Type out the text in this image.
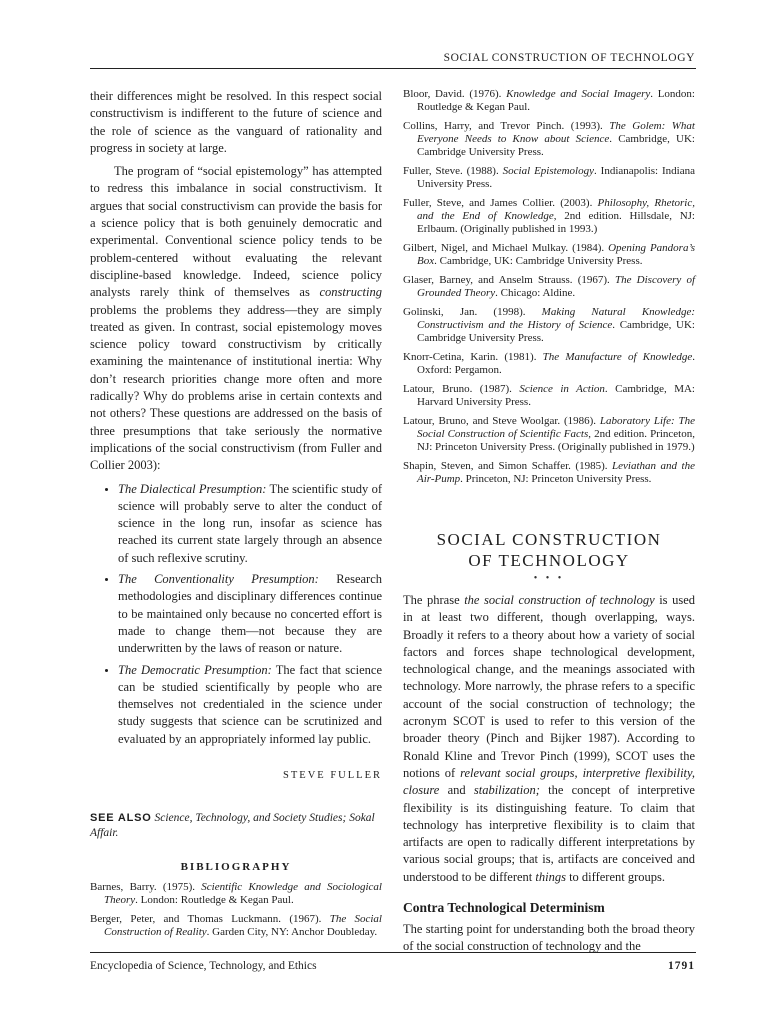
SOCIAL CONSTRUCTION OF TECHNOLOGY

their differences might be resolved. In this respect social constructivism is indifferent to the future of science and the role of science as the vanguard of rationality and progress in society at large.

The program of “social epistemology” has attempted to redress this imbalance in social constructivism. It argues that social constructivism can provide the basis for a science policy that is both genuinely democratic and experimental. Conventional science policy tends to be problem-centered without evaluating the relevant discipline-based knowledge. Indeed, science policy analysts rarely think of themselves as constructing problems the problems they address—they are simply treated as given. In contrast, social epistemology moves science policy toward constructivism by critically examining the maintenance of institutional inertia: Why don’t research priorities change more often and more radically? Why do problems arise in certain contexts and not others? These questions are addressed on the basis of three presumptions that take seriously the normative implications of the social constructivism (from Fuller and Collier 2003):

• The Dialectical Presumption: The scientific study of science will probably serve to alter the conduct of science in the long run, insofar as science has reached its current state largely through an absence of such reflexive scrutiny.
• The Conventionality Presumption: Research methodologies and disciplinary differences continue to be maintained only because no concerted effort is made to change them—not because they are underwritten by the laws of reason or nature.
• The Democratic Presumption: The fact that science can be studied scientifically by people who are themselves not credentialed in the science under study suggests that science can be scrutinized and evaluated by an appropriately informed lay public.
STEVE FULLER
SEE ALSO Science, Technology, and Society Studies; Sokal Affair.
BIBLIOGRAPHY
Barnes, Barry. (1975). Scientific Knowledge and Sociological Theory. London: Routledge & Kegan Paul.
Berger, Peter, and Thomas Luckmann. (1967). The Social Construction of Reality. Garden City, NY: Anchor Doubleday.
Bloor, David. (1976). Knowledge and Social Imagery. London: Routledge & Kegan Paul.
Collins, Harry, and Trevor Pinch. (1993). The Golem: What Everyone Needs to Know about Science. Cambridge, UK: Cambridge University Press.
Fuller, Steve. (1988). Social Epistemology. Indianapolis: Indiana University Press.
Fuller, Steve, and James Collier. (2003). Philosophy, Rhetoric, and the End of Knowledge, 2nd edition. Hillsdale, NJ: Erlbaum. (Originally published in 1993.)
Gilbert, Nigel, and Michael Mulkay. (1984). Opening Pandora’s Box. Cambridge, UK: Cambridge University Press.
Glaser, Barney, and Anselm Strauss. (1967). The Discovery of Grounded Theory. Chicago: Aldine.
Golinski, Jan. (1998). Making Natural Knowledge: Constructivism and the History of Science. Cambridge, UK: Cambridge University Press.
Knorr-Cetina, Karin. (1981). The Manufacture of Knowledge. Oxford: Pergamon.
Latour, Bruno. (1987). Science in Action. Cambridge, MA: Harvard University Press.
Latour, Bruno, and Steve Woolgar. (1986). Laboratory Life: The Social Construction of Scientific Facts, 2nd edition. Princeton, NJ: Princeton University Press. (Originally published in 1979.)
Shapin, Steven, and Simon Schaffer. (1985). Leviathan and the Air-Pump. Princeton, NJ: Princeton University Press.
SOCIAL CONSTRUCTION
OF TECHNOLOGY
• • •

The phrase the social construction of technology is used in at least two different, though overlapping, ways. Broadly it refers to a theory about how a variety of social factors and forces shape technological development, technological change, and the meanings associated with technology. More narrowly, the phrase refers to a specific account of the social construction of technology; the acronym SCOT is used to refer to this version of the broader theory (Pinch and Bijker 1987). According to Ronald Kline and Trevor Pinch (1999), SCOT uses the notions of relevant social groups, interpretive flexibility, closure and stabilization; the concept of interpretive flexibility is its distinguishing feature. To claim that technology has interpretive flexibility is to claim that artifacts are open to radically different interpretations by various social groups; that is, artifacts are conceived and understood to be different things to different groups.

Contra Technological Determinism

The starting point for understanding both the broad theory of the social construction of technology and the

Encyclopedia of Science, Technology, and Ethics	1791
